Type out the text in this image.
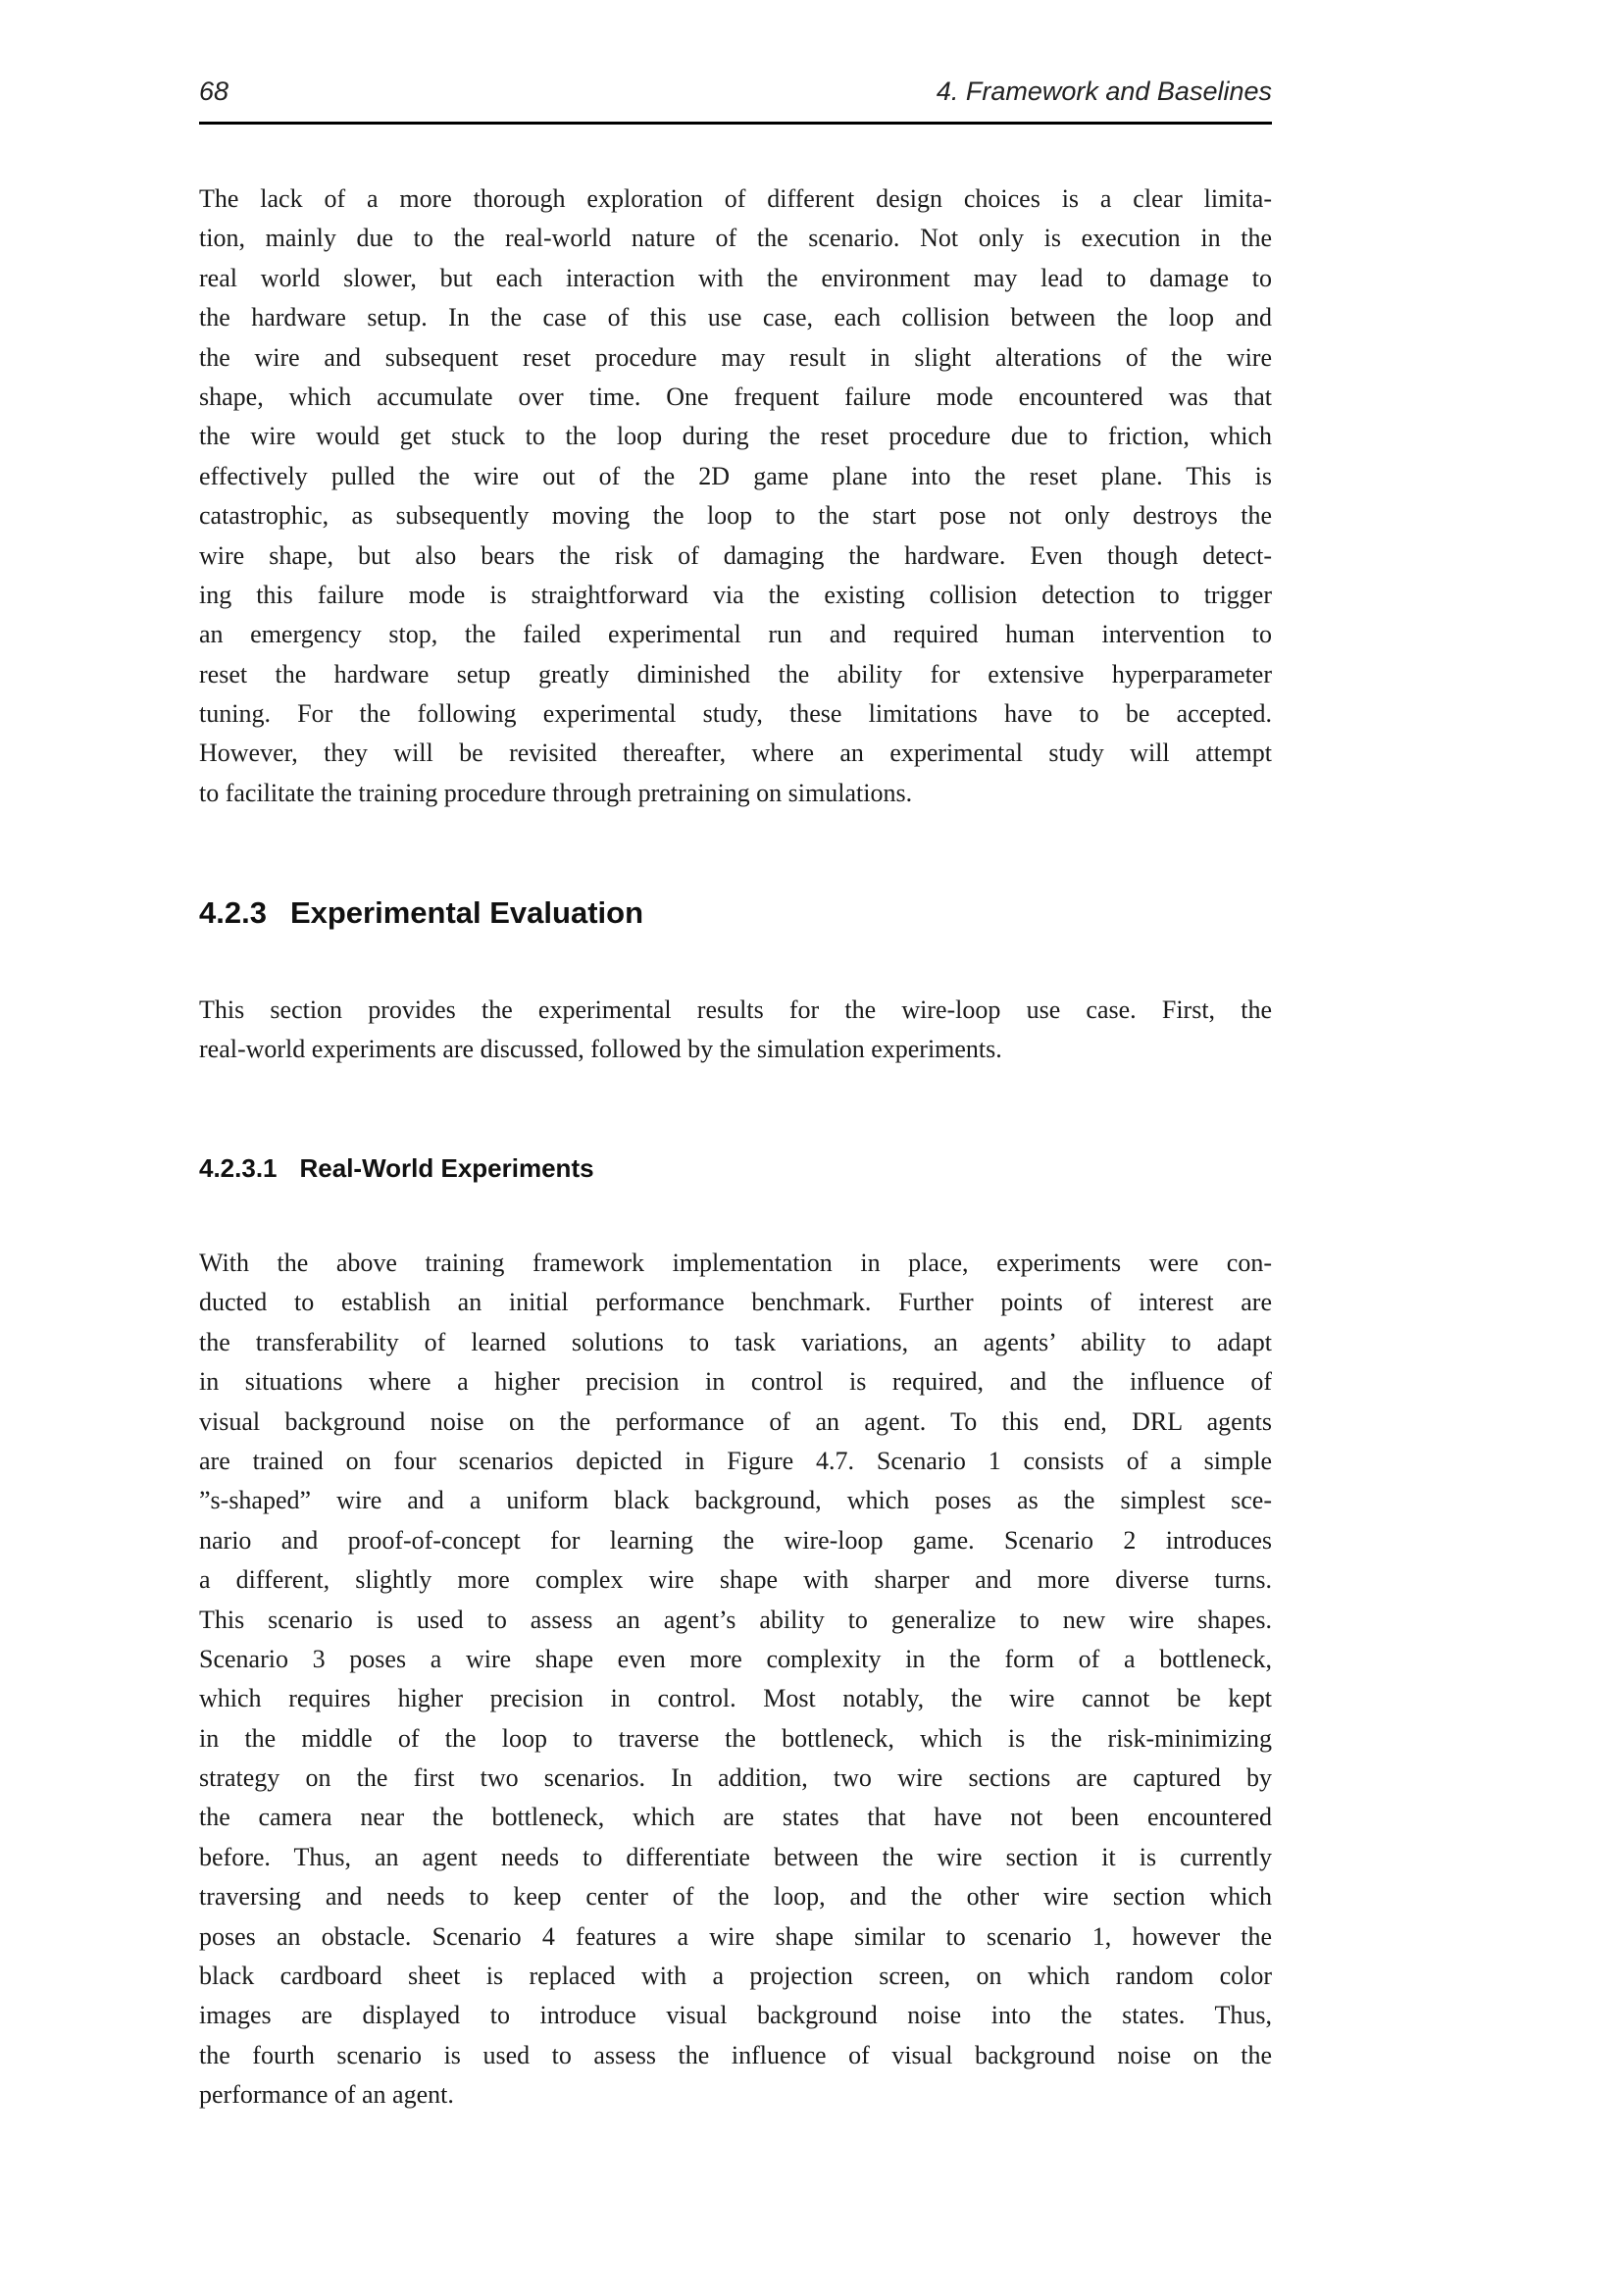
68	4. Framework and Baselines
The lack of a more thorough exploration of different design choices is a clear limita-
tion, mainly due to the real-world nature of the scenario. Not only is execution in the
real world slower, but each interaction with the environment may lead to damage to
the hardware setup. In the case of this use case, each collision between the loop and
the wire and subsequent reset procedure may result in slight alterations of the wire
shape, which accumulate over time. One frequent failure mode encountered was that
the wire would get stuck to the loop during the reset procedure due to friction, which
effectively pulled the wire out of the 2D game plane into the reset plane. This is
catastrophic, as subsequently moving the loop to the start pose not only destroys the
wire shape, but also bears the risk of damaging the hardware. Even though detect-
ing this failure mode is straightforward via the existing collision detection to trigger
an emergency stop, the failed experimental run and required human intervention to
reset the hardware setup greatly diminished the ability for extensive hyperparameter
tuning. For the following experimental study, these limitations have to be accepted.
However, they will be revisited thereafter, where an experimental study will attempt
to facilitate the training procedure through pretraining on simulations.
4.2.3 Experimental Evaluation
This section provides the experimental results for the wire-loop use case. First, the
real-world experiments are discussed, followed by the simulation experiments.
4.2.3.1 Real-World Experiments
With the above training framework implementation in place, experiments were con-
ducted to establish an initial performance benchmark. Further points of interest are
the transferability of learned solutions to task variations, an agents’ ability to adapt
in situations where a higher precision in control is required, and the influence of
visual background noise on the performance of an agent. To this end, DRL agents
are trained on four scenarios depicted in Figure 4.7. Scenario 1 consists of a simple
”s-shaped” wire and a uniform black background, which poses as the simplest sce-
nario and proof-of-concept for learning the wire-loop game. Scenario 2 introduces
a different, slightly more complex wire shape with sharper and more diverse turns.
This scenario is used to assess an agent’s ability to generalize to new wire shapes.
Scenario 3 poses a wire shape even more complexity in the form of a bottleneck,
which requires higher precision in control. Most notably, the wire cannot be kept
in the middle of the loop to traverse the bottleneck, which is the risk-minimizing
strategy on the first two scenarios. In addition, two wire sections are captured by
the camera near the bottleneck, which are states that have not been encountered
before. Thus, an agent needs to differentiate between the wire section it is currently
traversing and needs to keep center of the loop, and the other wire section which
poses an obstacle. Scenario 4 features a wire shape similar to scenario 1, however the
black cardboard sheet is replaced with a projection screen, on which random color
images are displayed to introduce visual background noise into the states. Thus,
the fourth scenario is used to assess the influence of visual background noise on the
performance of an agent.
